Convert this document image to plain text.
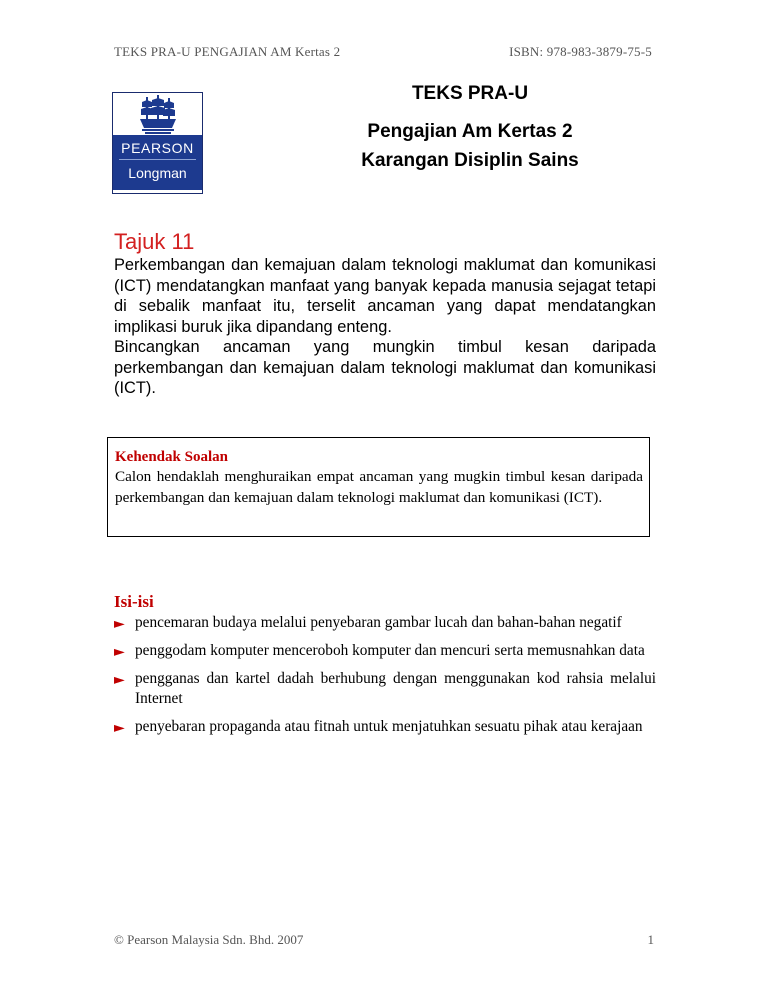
TEKS PRA-U PENGAJIAN AM Kertas 2	ISBN: 978-983-3879-75-5
PEARSON
Longman
TEKS PRA-U
Pengajian Am Kertas 2
Karangan Disiplin Sains
Tajuk 11

Perkembangan dan kemajuan dalam teknologi maklumat dan komunikasi (ICT) mendatangkan manfaat yang banyak kepada manusia sejagat tetapi di sebalik manfaat itu, terselit ancaman yang dapat mendatangkan implikasi buruk jika dipandang enteng.

Bincangkan ancaman yang mungkin timbul kesan daripada perkembangan dan kemajuan dalam teknologi maklumat dan komunikasi (ICT).

Kehendak Soalan
Calon hendaklah menghuraikan empat ancaman yang mugkin timbul kesan daripada perkembangan dan kemajuan dalam teknologi maklumat dan komunikasi (ICT).
Isi-isi
► pencemaran budaya melalui penyebaran gambar lucah dan bahan-bahan negatif
► penggodam komputer menceroboh komputer dan mencuri serta memusnahkan data
► pengganas dan kartel dadah berhubung dengan menggunakan kod rahsia melalui Internet
► penyebaran propaganda atau fitnah untuk menjatuhkan sesuatu pihak atau kerajaan
© Pearson Malaysia Sdn. Bhd. 2007	1
